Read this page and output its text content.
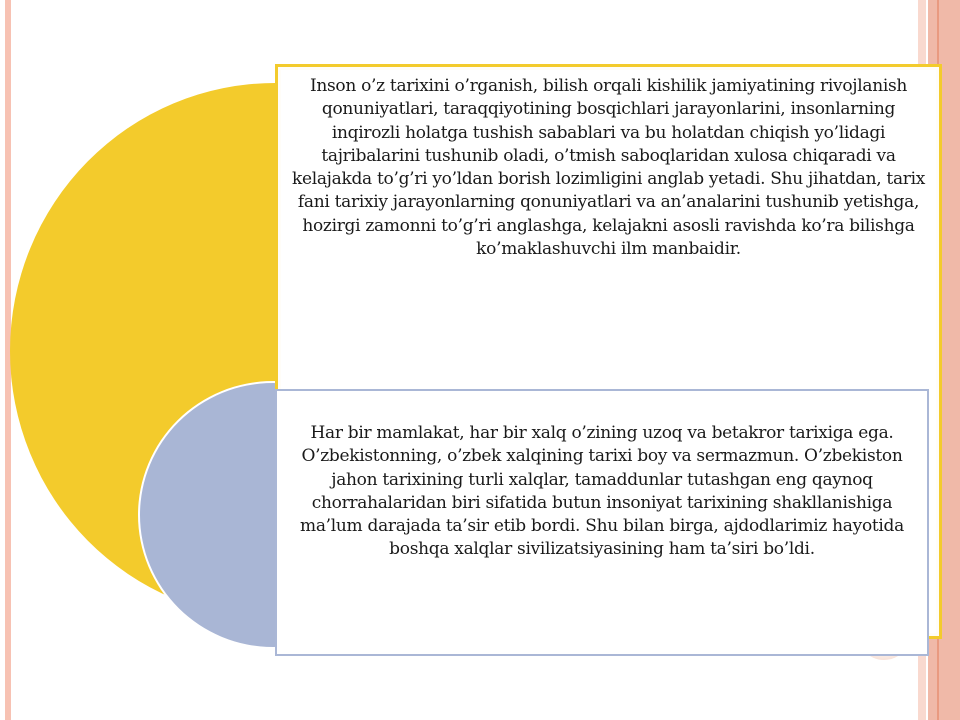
Inson o’z tarixini o’rganish, bilish orqali kishilik jamiyatining rivojlanish qonuniyatlari, taraqqiyotining bosqichlari jarayonlarini, insonlarning inqirozli holatga tushish sabablari va bu holatdan chiqish yo’lidagi tajribalarini tushunib oladi, o’tmish saboqlaridan xulosa chiqaradi va kelajakda to’g’ri yo’ldan borish lozimligini anglab yetadi. Shu jihatdan, tarix fani tarixiy jarayonlarning qonuniyatlari va an’analarini tushunib yetishga, hozirgi zamonni to’g’ri anglashga, kelajakni asosli ravishda ko’ra bilishga ko’maklashuvchi ilm manbaidir.
Har bir mamlakat, har bir xalq o’zining uzoq va betakror tarixiga ega. O’zbekistonning, o’zbek xalqining tarixi boy va sermazmun. O’zbekiston jahon tarixining turli xalqlar, tamaddunlar tutashgan eng qaynoq chorrahalaridan biri sifatida butun insoniyat tarixining shakllanishiga ma’lum darajada ta’sir etib bordi. Shu bilan birga, ajdodlarimiz hayotida boshqa xalqlar sivilizatsiyasining ham ta’siri bo’ldi.
